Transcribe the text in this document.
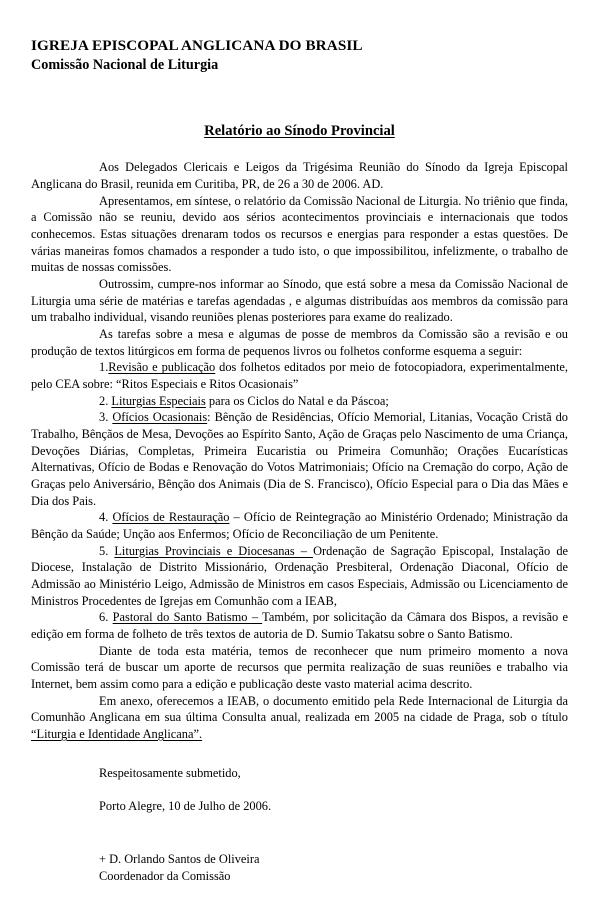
IGREJA EPISCOPAL ANGLICANA DO BRASIL
Comissão Nacional de Liturgia
Relatório ao Sínodo Provincial

Aos Delegados Clericais e Leigos da Trigésima Reunião do Sínodo da Igreja Episcopal Anglicana do Brasil, reunida em Curitiba, PR, de 26 a 30 de 2006. AD.

Apresentamos, em síntese, o relatório da Comissão Nacional de Liturgia. No triênio que finda, a Comissão não se reuniu, devido aos sérios acontecimentos provinciais e internacionais que todos conhecemos. Estas situações drenaram todos os recursos e energias para responder a estas questões. De várias maneiras fomos chamados a responder a tudo isto, o que impossibilitou, infelizmente, o trabalho de muitas de nossas comissões.

Outrossim, cumpre-nos informar ao Sínodo, que está sobre a mesa da Comissão Nacional de Liturgia uma série de matérias e tarefas agendadas , e algumas distribuídas aos membros da comissão para um trabalho individual, visando reuniões plenas posteriores para exame do realizado.

As tarefas sobre a mesa e algumas de posse de membros da Comissão são a revisão e ou produção de textos litúrgicos em forma de pequenos livros ou folhetos conforme esquema a seguir:

1.Revisão e publicação dos folhetos editados por meio de fotocopiadora, experimentalmente, pelo CEA sobre: “Ritos Especiais e Ritos Ocasionais”

2. Liturgias Especiais para os Ciclos do Natal e da Páscoa;

3. Ofícios Ocasionais: Bênção de Residências, Ofício Memorial, Litanias, Vocação Cristã do Trabalho, Bênçãos de Mesa, Devoções ao Espírito Santo, Ação de Graças pelo Nascimento de uma Criança, Devoções Diárias, Completas, Primeira Eucaristia ou Primeira Comunhão; Orações Eucarísticas Alternativas, Ofício de Bodas e Renovação do Votos Matrimoniais; Ofício na Cremação do corpo, Ação de Graças pelo Aniversário, Bênção dos Animais (Dia de S. Francisco), Ofício Especial para o Dia das Mães e Dia dos Pais.

4. Ofícios de Restauração – Ofício de Reintegração ao Ministério Ordenado; Ministração da Bênção da Saúde; Unção aos Enfermos; Ofício de Reconciliação de um Penitente.

5. Liturgias Provinciais e Diocesanas – Ordenação de Sagração Episcopal, Instalação de Diocese, Instalação de Distrito Missionário, Ordenação Presbiteral, Ordenação Diaconal, Ofício de Admissão ao Ministério Leigo, Admissão de Ministros em casos Especiais, Admissão ou Licenciamento de Ministros Procedentes de Igrejas em Comunhão com a IEAB,

6. Pastoral do Santo Batismo – Também, por solicitação da Câmara dos Bispos, a revisão e edição em forma de folheto de três textos de autoria de D. Sumio Takatsu sobre o Santo Batismo.

Diante de toda esta matéria, temos de reconhecer que num primeiro momento a nova Comissão terá de buscar um aporte de recursos que permita realização de suas reuniões e trabalho via Internet, bem assim como para a edição e publicação deste vasto material acima descrito.

Em anexo, oferecemos a IEAB, o documento emitido pela Rede Internacional de Liturgia da Comunhão Anglicana em sua última Consulta anual, realizada em 2005 na cidade de Praga, sob o título “Liturgia e Identidade Anglicana”.

Respeitosamente submetido,
Porto Alegre, 10 de Julho de 2006.
+ D. Orlando Santos de Oliveira
Coordenador da Comissão
